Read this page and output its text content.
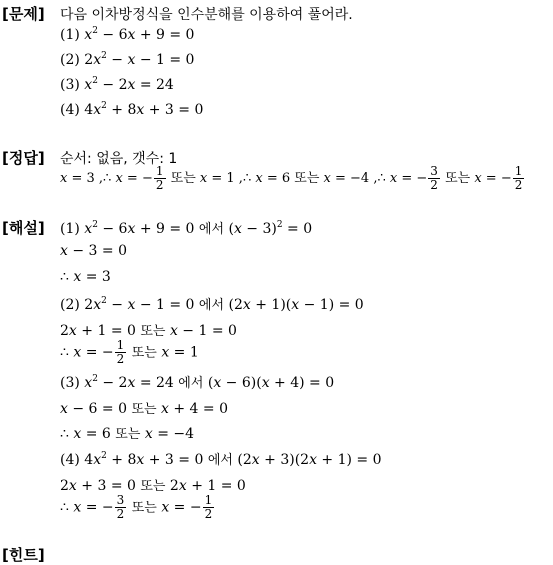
[문제] 다음 이차방정식을 인수분해를 이용하여 풀어라.
(1) $x^2 - 6x + 9 = 0$
(2) $2x^2 - x - 1 = 0$
(3) $x^2 - 2x = 24$
(4) $4x^2 + 8x + 3 = 0$
[정답] 순서: 없음, 갯수: 1
x = 3 ,∴ x = − $\frac{1}{2}$ 또는 x = 1 ,∴ x = 6 또는 x = −4 ,∴ x = − $\frac{3}{2}$ 또는 x = − $\frac{1}{2}$
[해설] (1) $x^2 - 6x + 9 = 0$ 에서 $(x - 3)^2 = 0$
x − 3 = 0
∴ x = 3
(2) $2x^2 - x - 1 = 0$ 에서 (2x + 1)(x − 1) = 0
2x + 1 = 0 또는 x − 1 = 0
∴ x = − $\frac{1}{2}$ 또는 x = 1
(3) $x^2 - 2x = 24$ 에서 (x − 6)(x + 4) = 0
x − 6 = 0 또는 x + 4 = 0
∴ x = 6 또는 x = −4
(4) $4x^2 + 8x + 3 = 0$ 에서 (2x + 3)(2x + 1) = 0
2x + 3 = 0 또는 2x + 1 = 0
∴ x = − $\frac{3}{2}$ 또는 x = − $\frac{1}{2}$
[힌트]
